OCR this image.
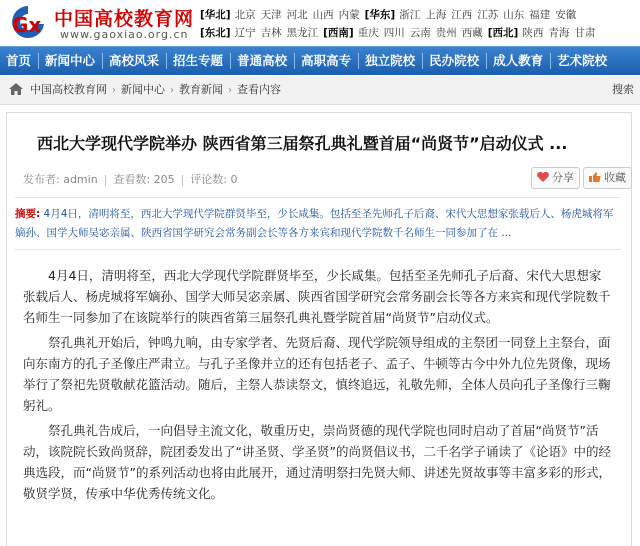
Gx 中国高校教育网
www.gaoxiao.org.cn
[华北] 北京 天津 河北 山西 内蒙 [华东] 浙江 上海 江西 江苏 山东 福建 安徽
[东北] 辽宁 吉林 黑龙江 [西南] 重庆 四川 云南 贵州 西藏 [西北] 陕西 青海 甘肃
首页	新闻中心	高校风采	招生专题	普通高校	高职高专	独立院校	民办院校	成人教育	艺术院校
中国高校教育网 › 新闻中心 › 教育新闻 › 查看内容	搜索
西北大学现代学院举办 陕西省第三届祭孔典礼暨首届“尚贤节”启动仪式 ...
发布者: admin | 查看数: 205 | 评论数: 0	分享	收藏
摘要: 4月4日，清明将至，西北大学现代学院群贤毕至，少长咸集。包括至圣先师孔子后裔、宋代大思想家张载后人、杨虎城将军嫡孙、国学大师吴宓亲属、陕西省国学研究会常务副会长等各方来宾和现代学院数千名师生一同参加了在 ...

4月4日，清明将至，西北大学现代学院群贤毕至，少长咸集。包括至圣先师孔子后裔、宋代大思想家张载后人、杨虎城将军嫡孙、国学大师吴宓亲属、陕西省国学研究会常务副会长等各方来宾和现代学院数千名师生一同参加了在该院举行的陕西省第三届祭孔典礼暨学院首届“尚贤节”启动仪式。

祭孔典礼开始后，钟鸣九响，由专家学者、先贤后裔、现代学院领导组成的主祭团一同登上主祭台，面向东南方的孔子圣像庄严肃立。与孔子圣像并立的还有包括老子、孟子、牛顿等古今中外九位先贤像，现场举行了祭祀先贤敬献花篮活动。随后，主祭人恭读祭文，慎终追远，礼敬先师，全体人员向孔子圣像行三鞠躬礼。

祭孔典礼告成后，一向倡导主流文化，敬重历史，崇尚贤德的现代学院也同时启动了首届“尚贤节”活动，该院院长致尚贤辞，院团委发出了“讲圣贤、学圣贤”的尚贤倡议书，二千名学子诵读了《论语》中的经典选段，而“尚贤节”的系列活动也将由此展开，通过清明祭扫先贤大师、讲述先贤故事等丰富多彩的形式，敬贤学贤，传承中华优秀传统文化。
